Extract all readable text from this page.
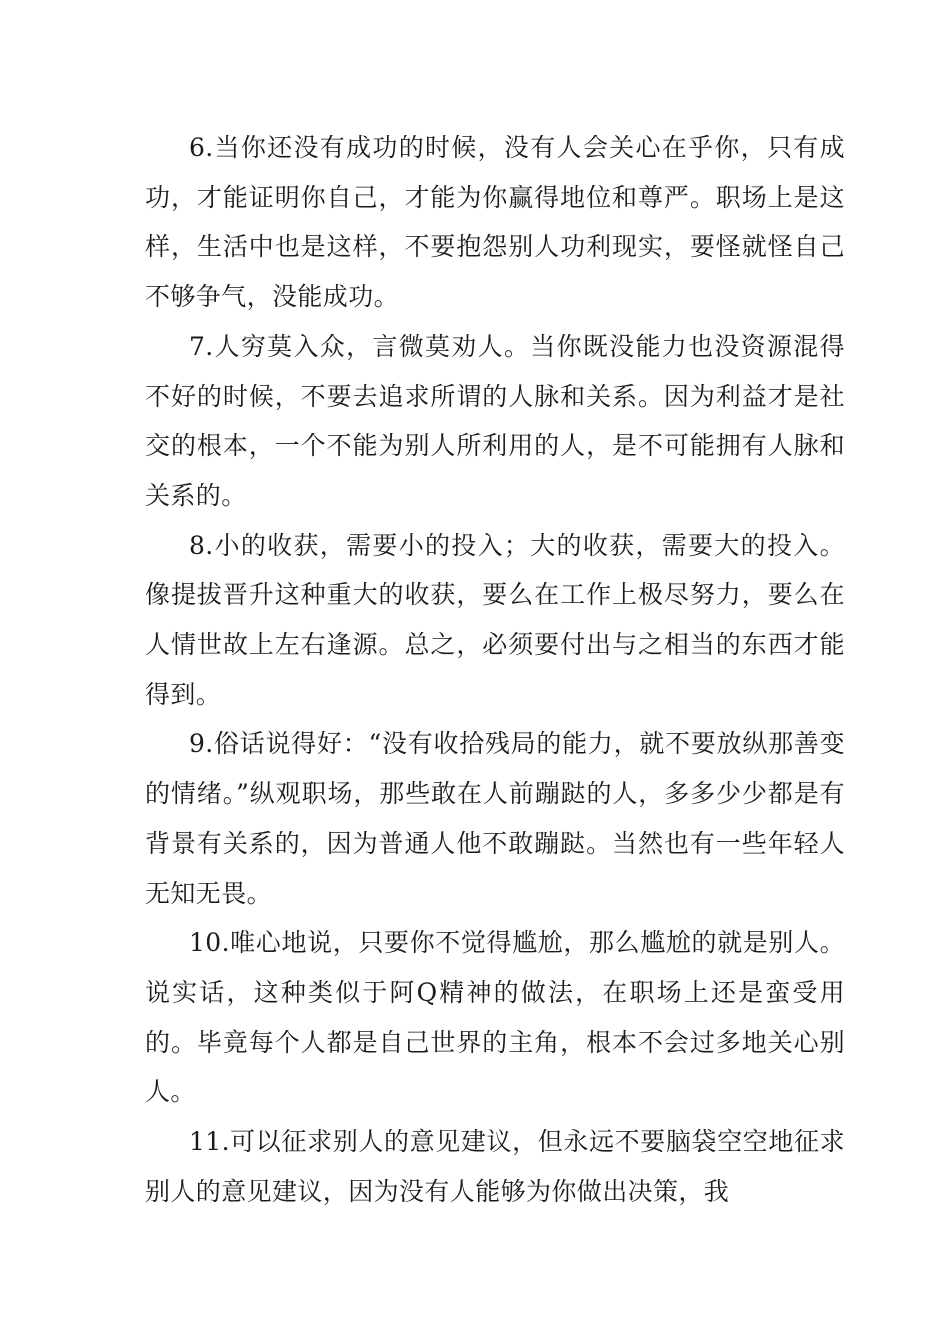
6.当你还没有成功的时候，没有人会关心在乎你，只有成功，才能证明你自己，才能为你赢得地位和尊严。职场上是这样，生活中也是这样，不要抱怨别人功利现实，要怪就怪自己不够争气，没能成功。

7.人穷莫入众，言微莫劝人。当你既没能力也没资源混得不好的时候，不要去追求所谓的人脉和关系。因为利益才是社交的根本，一个不能为别人所利用的人，是不可能拥有人脉和关系的。

8.小的收获，需要小的投入；大的收获，需要大的投入。像提拔晋升这种重大的收获，要么在工作上极尽努力，要么在人情世故上左右逢源。总之，必须要付出与之相当的东西才能得到。

9.俗话说得好：“没有收拾残局的能力，就不要放纵那善变的情绪。”纵观职场，那些敢在人前蹦跶的人，多多少少都是有背景有关系的，因为普通人他不敢蹦跶。当然也有一些年轻人无知无畏。

10.唯心地说，只要你不觉得尴尬，那么尴尬的就是别人。说实话，这种类似于阿Q精神的做法，在职场上还是蛮受用的。毕竟每个人都是自己世界的主角，根本不会过多地关心别人。

11.可以征求别人的意见建议，但永远不要脑袋空空地征求别人的意见建议，因为没有人能够为你做出决策，我
